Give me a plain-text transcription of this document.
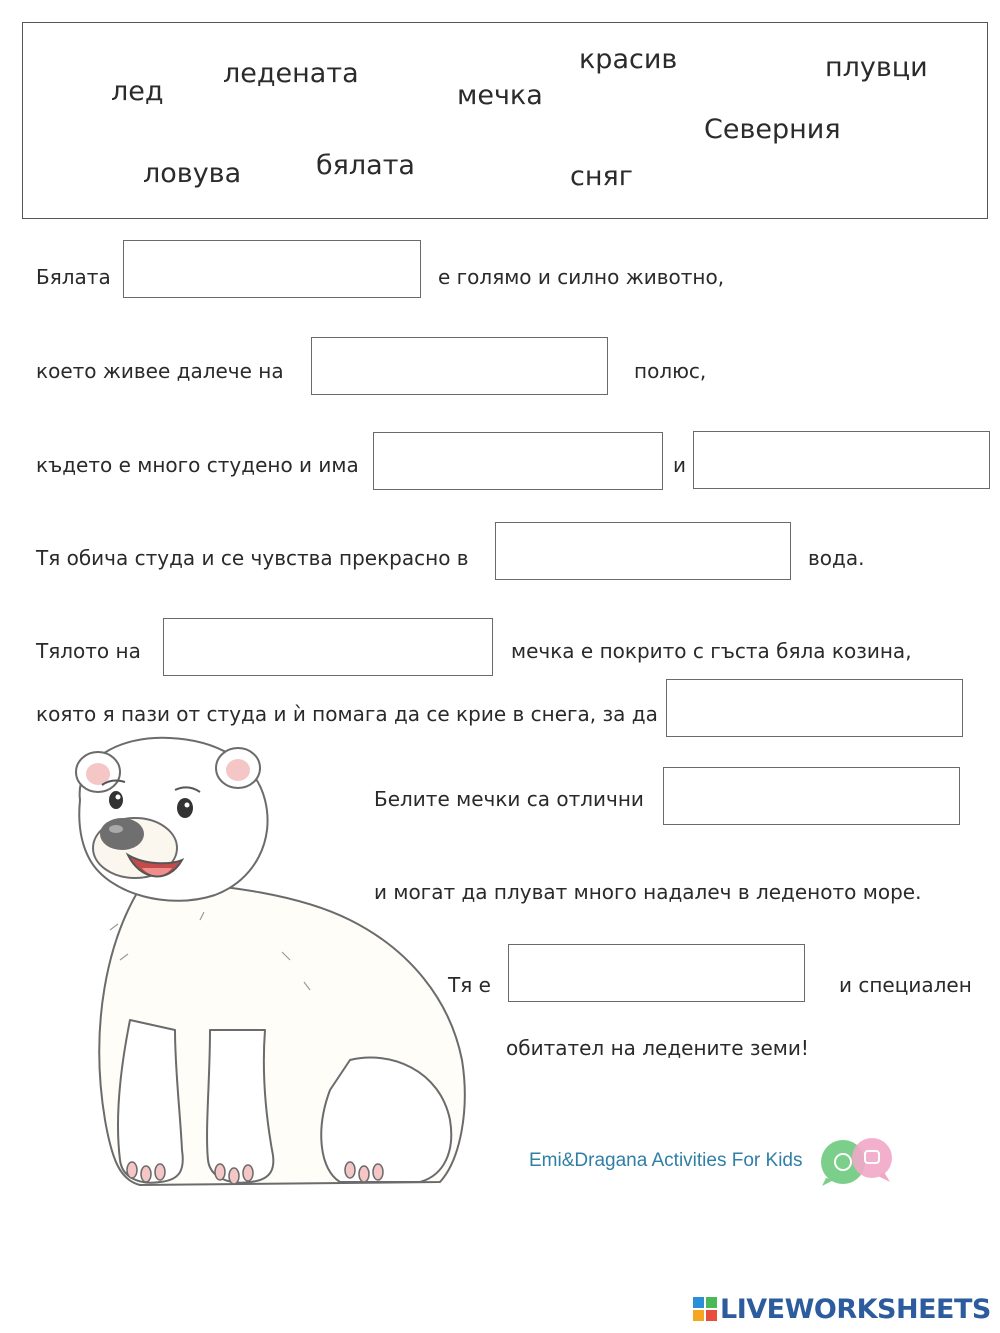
лед
ледената
мечка
красив	плувци
Северния
ловува	бялата	сняг
Бялата	е голямо и силно животно,
което живее далече на	полюс,
където е много студено и има	и
Тя обича студа и се чувства прекрасно в	вода.
Тялото на	мечка е покрито с гъста бяла козина,
която я пази от студа и ѝ помага да се крие в снега, за да
Белите мечки са отлични
и могат да плуват много надалеч в леденото море.
Тя е	и специален
обитател на ледените земи!
Emi&Dragana Activities For Kids
LIVEWORKSHEETS
